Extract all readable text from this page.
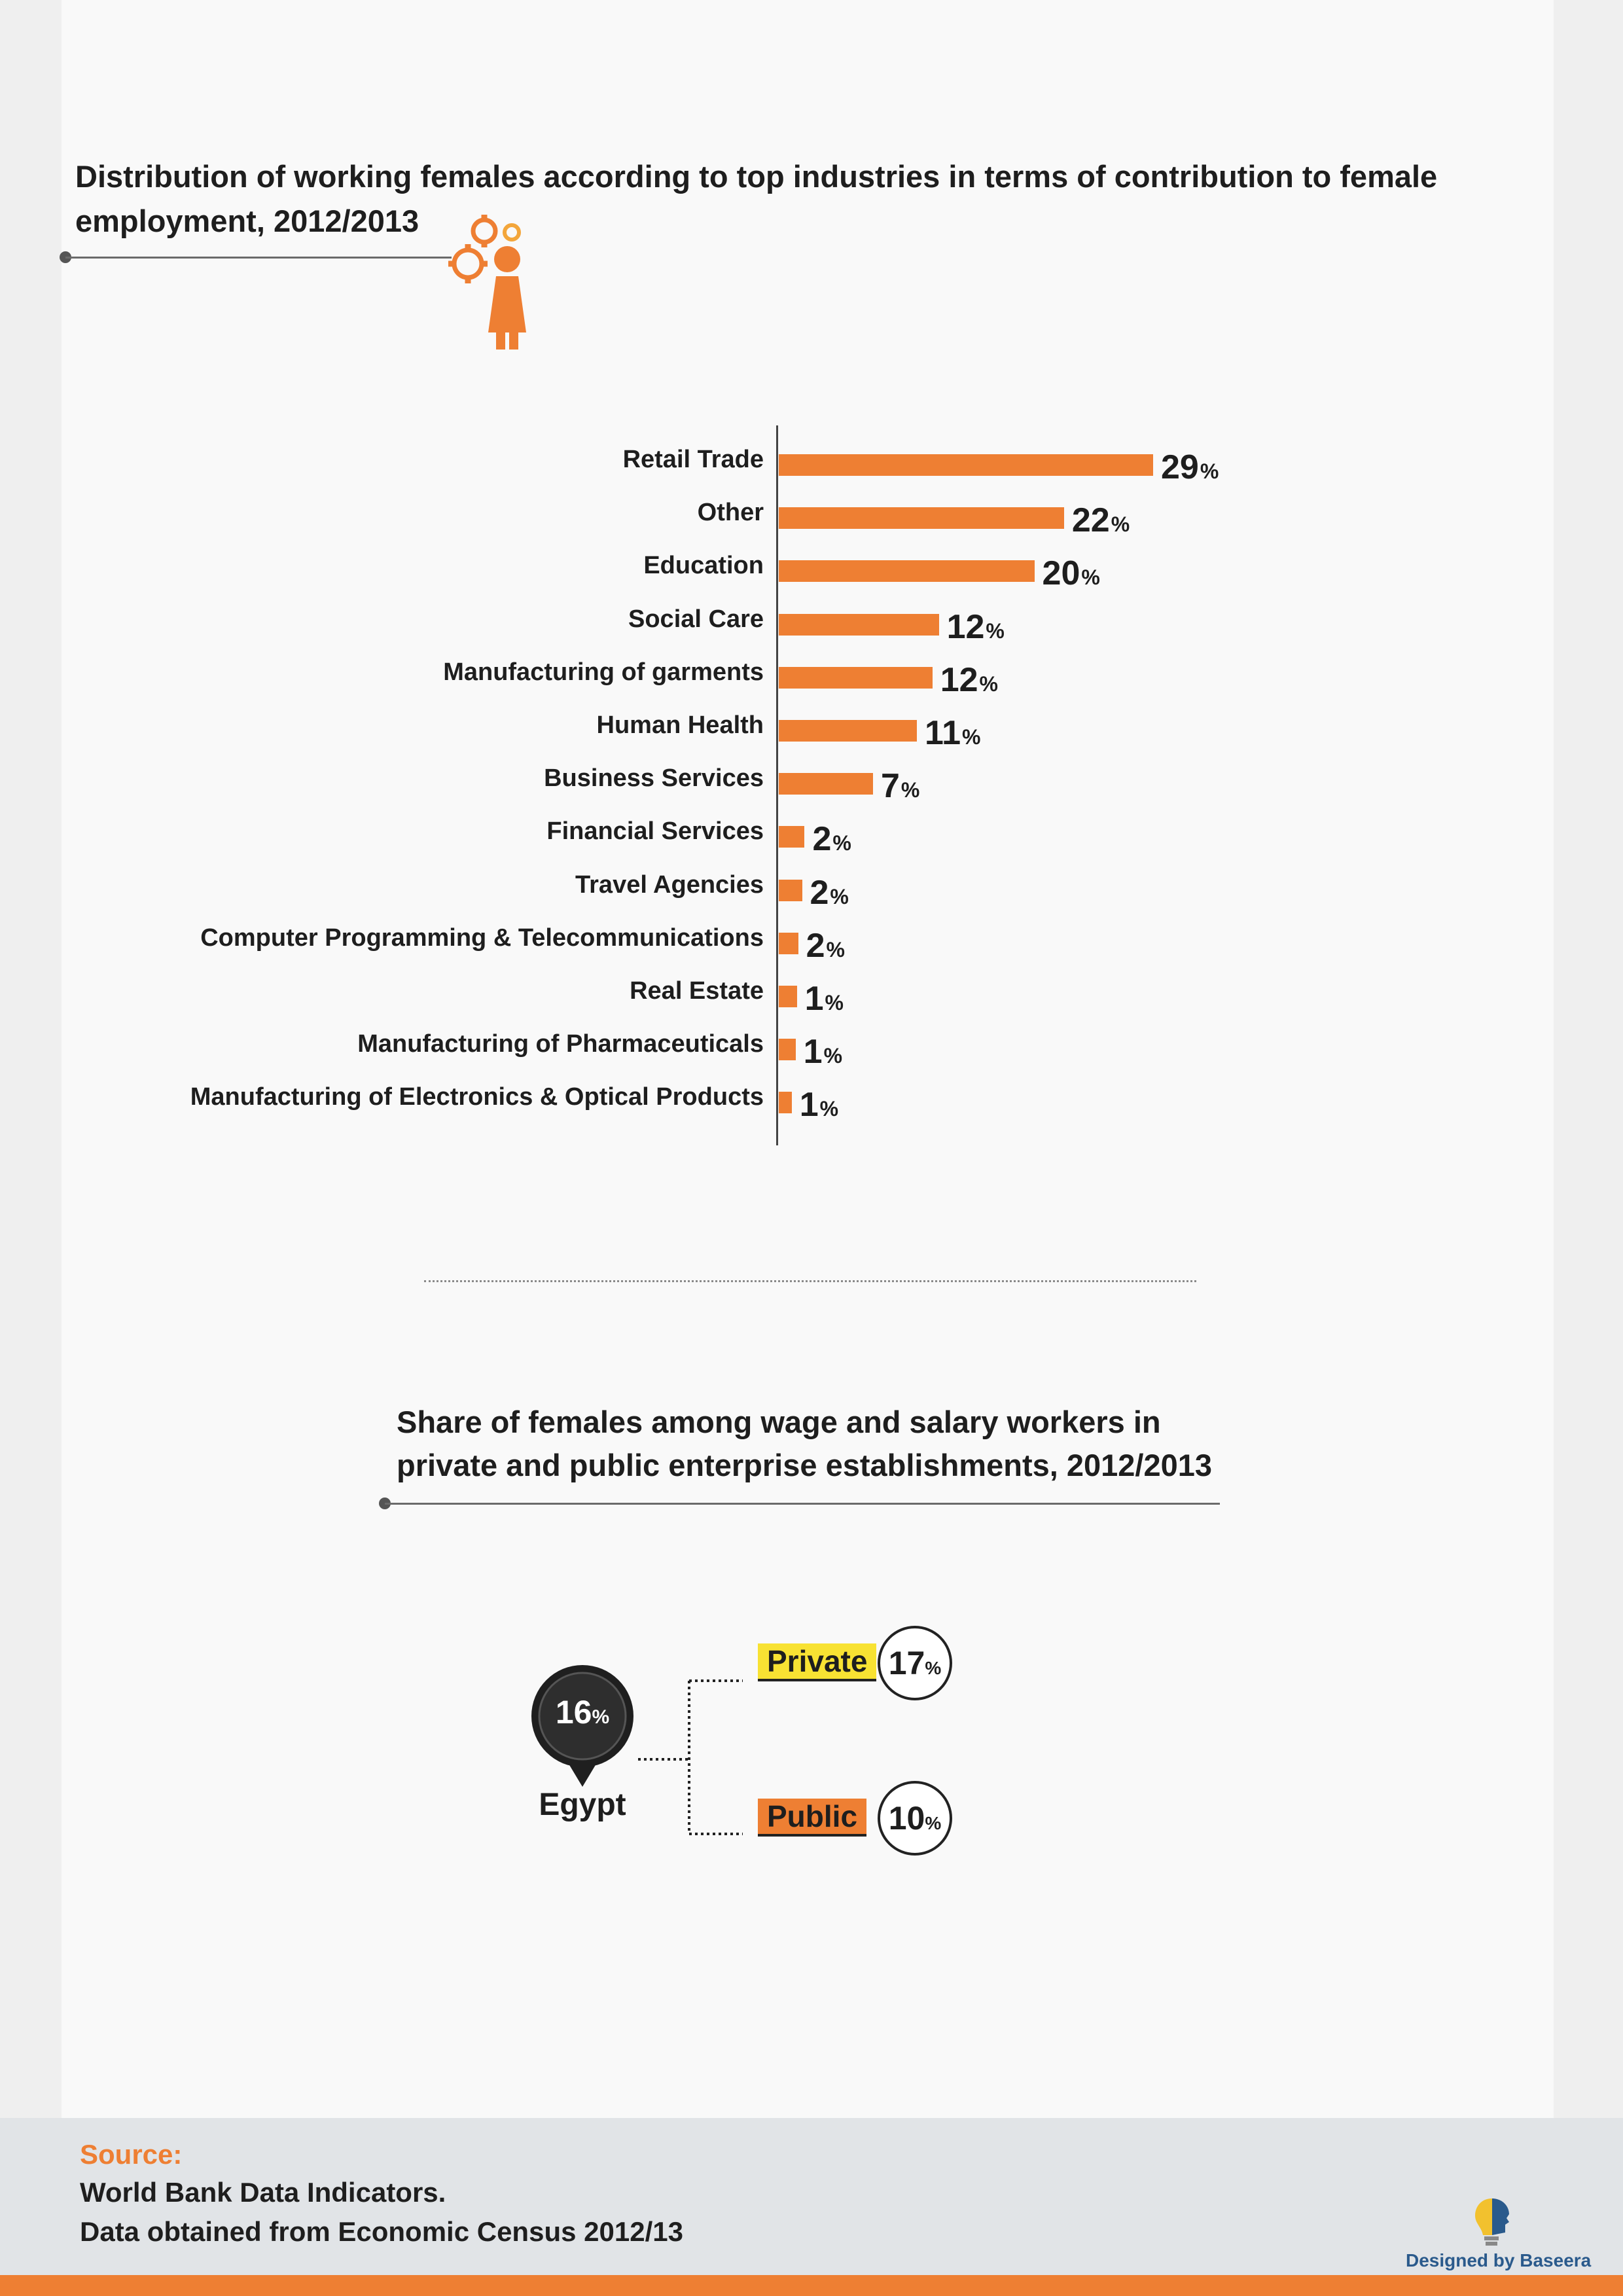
Distribution of working females according to top industries in terms of contribution to female employment, 2012/2013
Retail Trade	29%
Other	22%
Education	20%
Social Care	12%
Manufacturing of garments	12%
Human Health	11%
Business Services	7%
Financial Services 2%
Travel Agencies 2%
Computer Programming & Telecommunications 2%
Real Estate 1%
Manufacturing of Pharmaceuticals 1%
Manufacturing of Electronics & Optical Products 1%
Share of females among wage and salary workers in private and public enterprise establishments, 2012/2013
16%
Egypt
Private 17%
Public 10%
Source:
World Bank Data Indicators.
Data obtained from Economic Census 2012/13
Designed by Baseera
